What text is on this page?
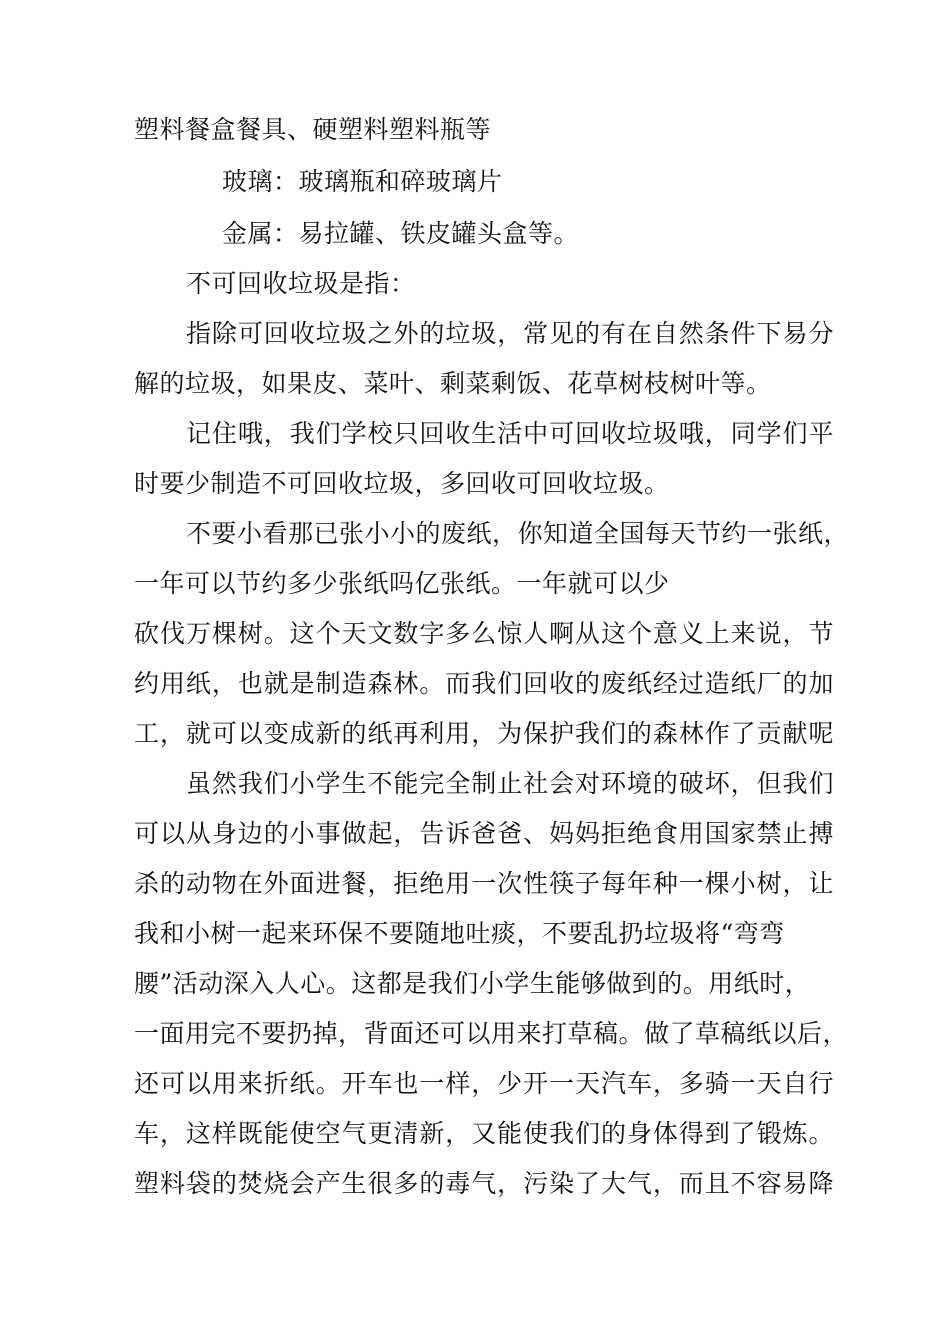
塑料餐盒餐具、硬塑料塑料瓶等

玻璃：玻璃瓶和碎玻璃片

金属：易拉罐、铁皮罐头盒等。

不可回收垃圾是指：

指除可回收垃圾之外的垃圾，常见的有在自然条件下易分

解的垃圾，如果皮、菜叶、剩菜剩饭、花草树枝树叶等。

记住哦，我们学校只回收生活中可回收垃圾哦，同学们平

时要少制造不可回收垃圾，多回收可回收垃圾。

不要小看那已张小小的废纸，你知道全国每天节约一张纸，

一年可以节约多少张纸吗亿张纸。一年就可以少

砍伐万棵树。这个天文数字多么惊人啊从这个意义上来说，节

约用纸，也就是制造森林。而我们回收的废纸经过造纸厂的加

工，就可以变成新的纸再利用，为保护我们的森林作了贡献呢

虽然我们小学生不能完全制止社会对环境的破坏，但我们

可以从身边的小事做起，告诉爸爸、妈妈拒绝食用国家禁止搏

杀的动物在外面进餐，拒绝用一次性筷子每年种一棵小树，让

我和小树一起来环保不要随地吐痰，不要乱扔垃圾将“弯弯

腰”活动深入人心。这都是我们小学生能够做到的。用纸时，

一面用完不要扔掉，背面还可以用来打草稿。做了草稿纸以后，

还可以用来折纸。开车也一样，少开一天汽车，多骑一天自行

车，这样既能使空气更清新，又能使我们的身体得到了锻炼。

塑料袋的焚烧会产生很多的毒气，污染了大气，而且不容易降
